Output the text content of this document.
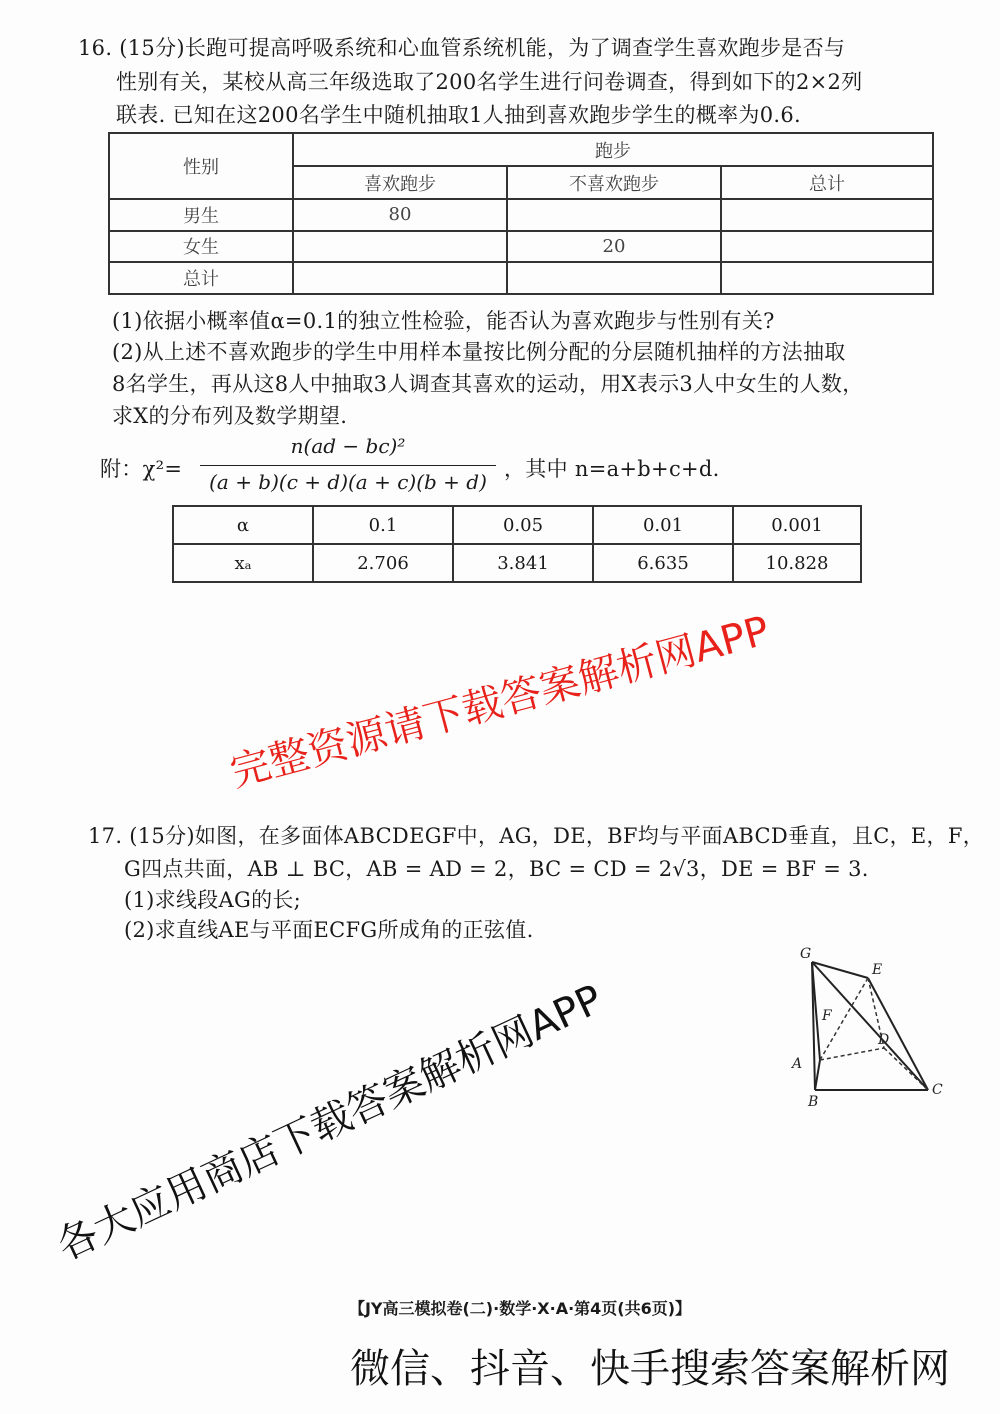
16. (15分)长跑可提高呼吸系统和心血管系统机能，为了调查学生喜欢跑步是否与
性别有关，某校从高三年级选取了200名学生进行问卷调查，得到如下的2×2列
联表. 已知在这200名学生中随机抽取1人抽到喜欢跑步学生的概率为0.6.
性别	跑步		
	喜欢跑步	不喜欢跑步	总计
男生	80		
女生		20	
总计			
(1)依据小概率值α=0.1的独立性检验，能否认为喜欢跑步与性别有关?
(2)从上述不喜欢跑步的学生中用样本量按比例分配的分层随机抽样的方法抽取
8名学生，再从这8人中抽取3人调查其喜欢的运动，用X表示3人中女生的人数，
求X的分布列及数学期望.
附：χ²=
n(ad − bc)²
(a + b)(c + d)(a + c)(b + d)
，其中 n=a+b+c+d.
α	0.1	0.05	0.01	0.001
xₐ	2.706	3.841	6.635	10.828
17. (15分)如图，在多面体ABCDEGF中，AG，DE，BF均与平面ABCD垂直，且C，E，F，
G四点共面，AB ⊥ BC，AB = AD = 2，BC = CD = 2√3，DE = BF = 3.
(1)求线段AG的长;
(2)求直线AE与平面ECFG所成角的正弦值.
G
E
F
D
A
B
C
【JY高三模拟卷(二)·数学·X·A·第4页(共6页)】
完整资源请下载答案解析网APP
各大应用商店下载答案解析网APP
微信、抖音、快手搜索答案解析网
